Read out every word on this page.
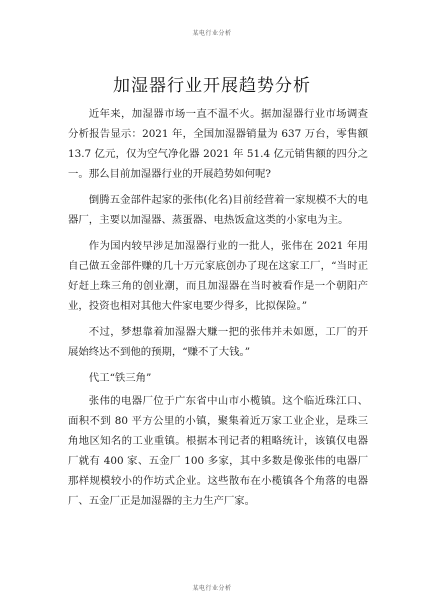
某电行业分析
加湿器行业开展趋势分析

近年来，加湿器市场一直不温不火。据加湿器行业市场调查分析报告显示：2021 年，全国加湿器销量为 637 万台，零售额 13.7 亿元，仅为空气净化器 2021 年 51.4 亿元销售额的四分之一。那么目前加湿器行业的开展趋势如何呢?

倒腾五金部件起家的张伟(化名)目前经营着一家规模不大的电器厂，主要以加湿器、蒸蛋器、电热饭盒这类的小家电为主。

作为国内较早涉足加湿器行业的一批人，张伟在 2021 年用自己做五金部件赚的几十万元家底创办了现在这家工厂，“当时正好赶上珠三角的创业潮，而且加湿器在当时被看作是一个朝阳产业，投资也相对其他大件家电要少得多，比拟保险。”

不过，梦想靠着加湿器大赚一把的张伟并未如愿，工厂的开展始终达不到他的预期，“赚不了大钱。”

代工“铁三角”

张伟的电器厂位于广东省中山市小榄镇。这个临近珠江口、面积不到 80 平方公里的小镇，聚集着近万家工业企业，是珠三角地区知名的工业重镇。根据本刊记者的粗略统计，该镇仅电器厂就有 400 家、五金厂 100 多家，其中多数是像张伟的电器厂那样规模较小的作坊式企业。这些散布在小榄镇各个角落的电器厂、五金厂正是加湿器的主力生产厂家。

某电行业分析
